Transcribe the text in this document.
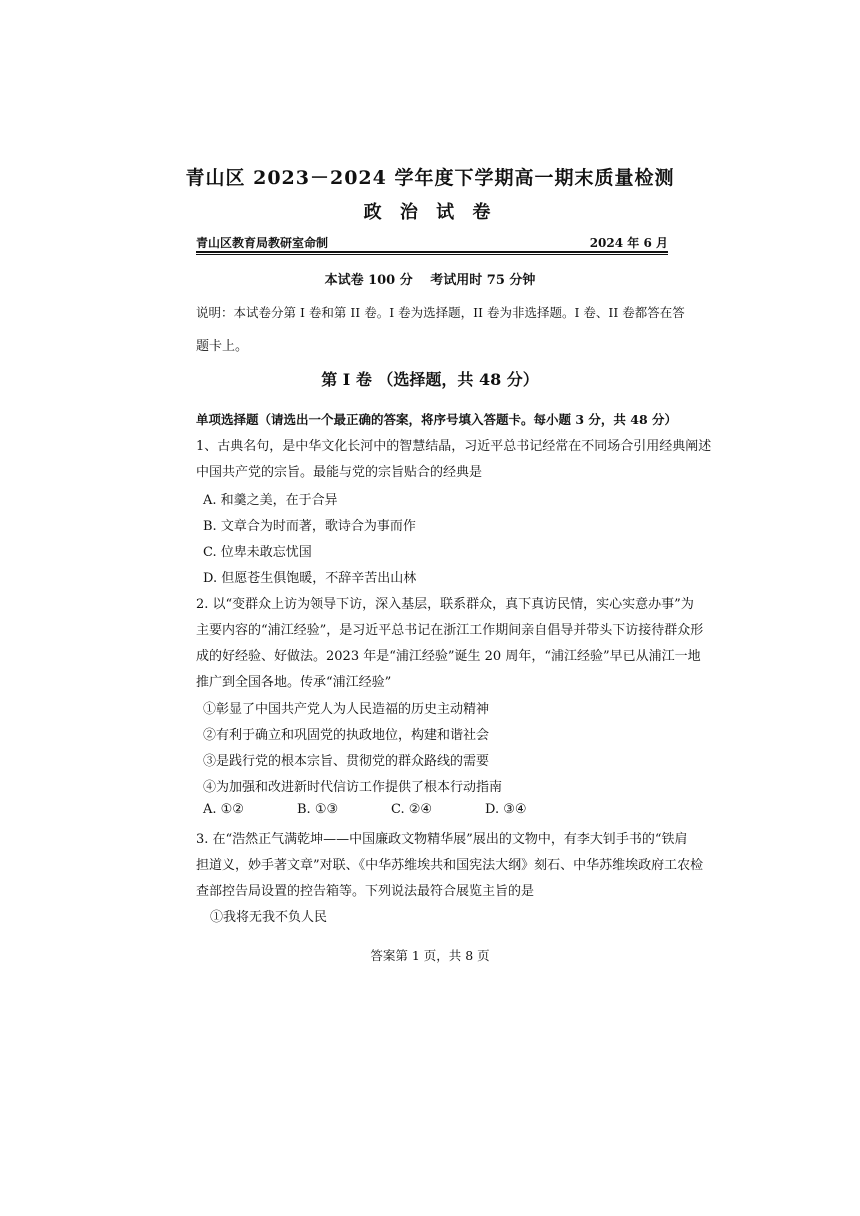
青山区 2023－2024 学年度下学期高一期末质量检测
政 治 试 卷
青山区教育局教研室命制	2024 年 6 月
本试卷 100 分　 考试用时 75 分钟
说明：本试卷分第 I 卷和第 II 卷。I 卷为选择题，II 卷为非选择题。I 卷、II 卷都答在答
题卡上。
第 I 卷 （选择题，共 48 分）
单项选择题（请选出一个最正确的答案，将序号填入答题卡。每小题 3 分，共 48 分）
1、古典名句，是中华文化长河中的智慧结晶，习近平总书记经常在不同场合引用经典阐述
中国共产党的宗旨。最能与党的宗旨贴合的经典是
A. 和羹之美，在于合异
B. 文章合为时而著，歌诗合为事而作
C. 位卑未敢忘忧国
D. 但愿苍生俱饱暖，不辞辛苦出山林
2. 以“变群众上访为领导下访，深入基层，联系群众，真下真访民情，实心实意办事”为
主要内容的“浦江经验”，是习近平总书记在浙江工作期间亲自倡导并带头下访接待群众形
成的好经验、好做法。2023 年是“浦江经验”诞生 20 周年，“浦江经验”早已从浦江一地
推广到全国各地。传承“浦江经验”
①彰显了中国共产党人为人民造福的历史主动精神
②有利于确立和巩固党的执政地位，构建和谐社会
③是践行党的根本宗旨、贯彻党的群众路线的需要
④为加强和改进新时代信访工作提供了根本行动指南
A. ①②	B. ①③	C. ②④	D. ③④
3. 在“浩然正气满乾坤——中国廉政文物精华展”展出的文物中，有李大钊手书的“铁肩
担道义，妙手著文章”对联、《中华苏维埃共和国宪法大纲》刻石、中华苏维埃政府工农检
查部控告局设置的控告箱等。下列说法最符合展览主旨的是
①我将无我不负人民
答案第 1 页，共 8 页
